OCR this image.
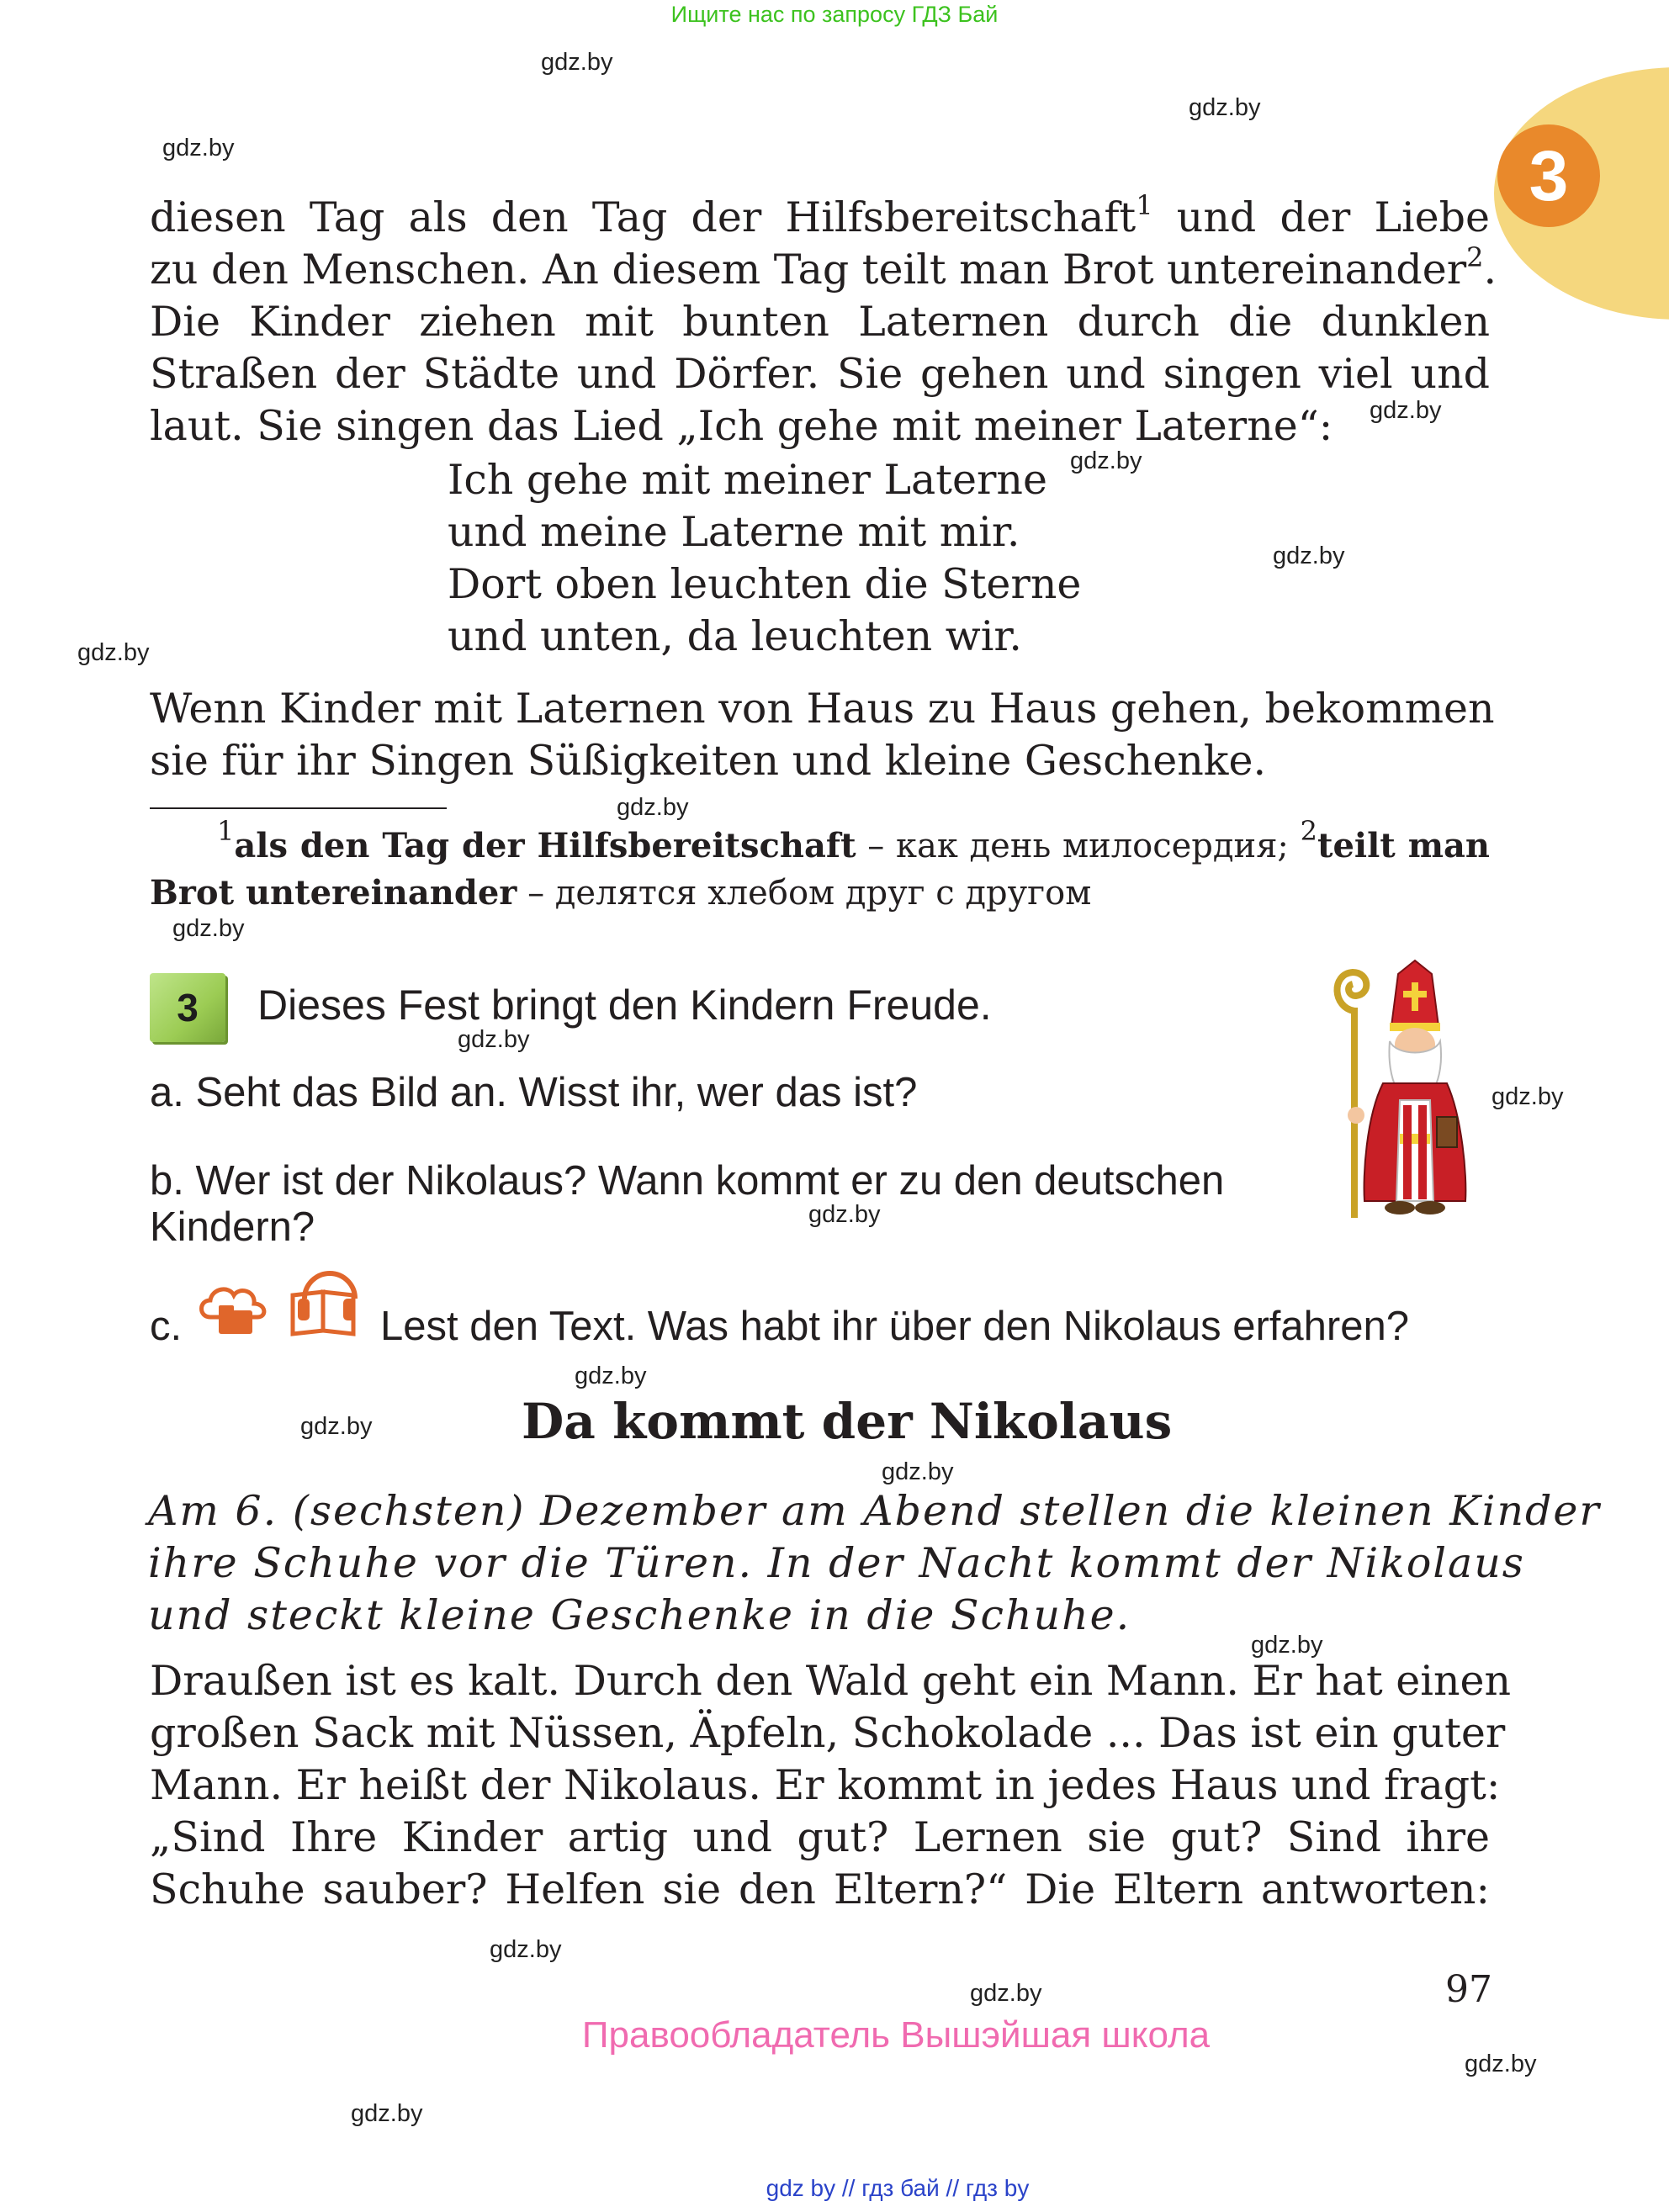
Ищите нас по запросу ГДЗ Бай
3
gdz.by
gdz.by
gdz.by
gdz.by
gdz.by
gdz.by
gdz.by
gdz.by
gdz.by
gdz.by
gdz.by
gdz.by
gdz.by
gdz.by
gdz.by
gdz.by
gdz.by
gdz.by
gdz.by
gdz.by
diesen Tag als den Tag der Hilfsbereitschaft$^1$ und der Liebe
zu den Menschen. An diesem Tag teilt man Brot untereinander$^2$.
Die Kinder ziehen mit bunten Laternen durch die dunklen
Straßen der Städte und Dörfer. Sie gehen und singen viel und
laut. Sie singen das Lied „Ich gehe mit meiner Laterne“:
Ich gehe mit meiner Laterne
und meine Laterne mit mir.
Dort oben leuchten die Sterne
und unten, da leuchten wir.
Wenn Kinder mit Laternen von Haus zu Haus gehen, bekommen
sie für ihr Singen Süßigkeiten und kleine Geschenke.
  $^1$als den Tag der Hilfsbereitschaft – как день милосердия; $^2$teilt man
Brot untereinander – делятся хлебом друг с другом
3	Dieses Fest bringt den Kindern Freude.
a. Seht das Bild an. Wisst ihr, wer das ist?
b. Wer ist der Nikolaus? Wann kommt er zu den deutschen
Kindern?
c.	Lest den Text. Was habt ihr über den Nikolaus erfahren?
Da kommt der Nikolaus
Am 6. (sechsten) Dezember am Abend stellen die kleinen Kinder
ihre Schuhe vor die Türen. In der Nacht kommt der Nikolaus
und steckt kleine Geschenke in die Schuhe.
Draußen ist es kalt. Durch den Wald geht ein Mann. Er hat einen
großen Sack mit Nüssen, Äpfeln, Schokolade ... Das ist ein guter
Mann. Er heißt der Nikolaus. Er kommt in jedes Haus und fragt:
„Sind Ihre Kinder artig und gut? Lernen sie gut? Sind ihre
Schuhe sauber? Helfen sie den Eltern?“ Die Eltern antworten:
97
Правообладатель Вышэйшая школа
gdz by // гдз бай // гдз by
